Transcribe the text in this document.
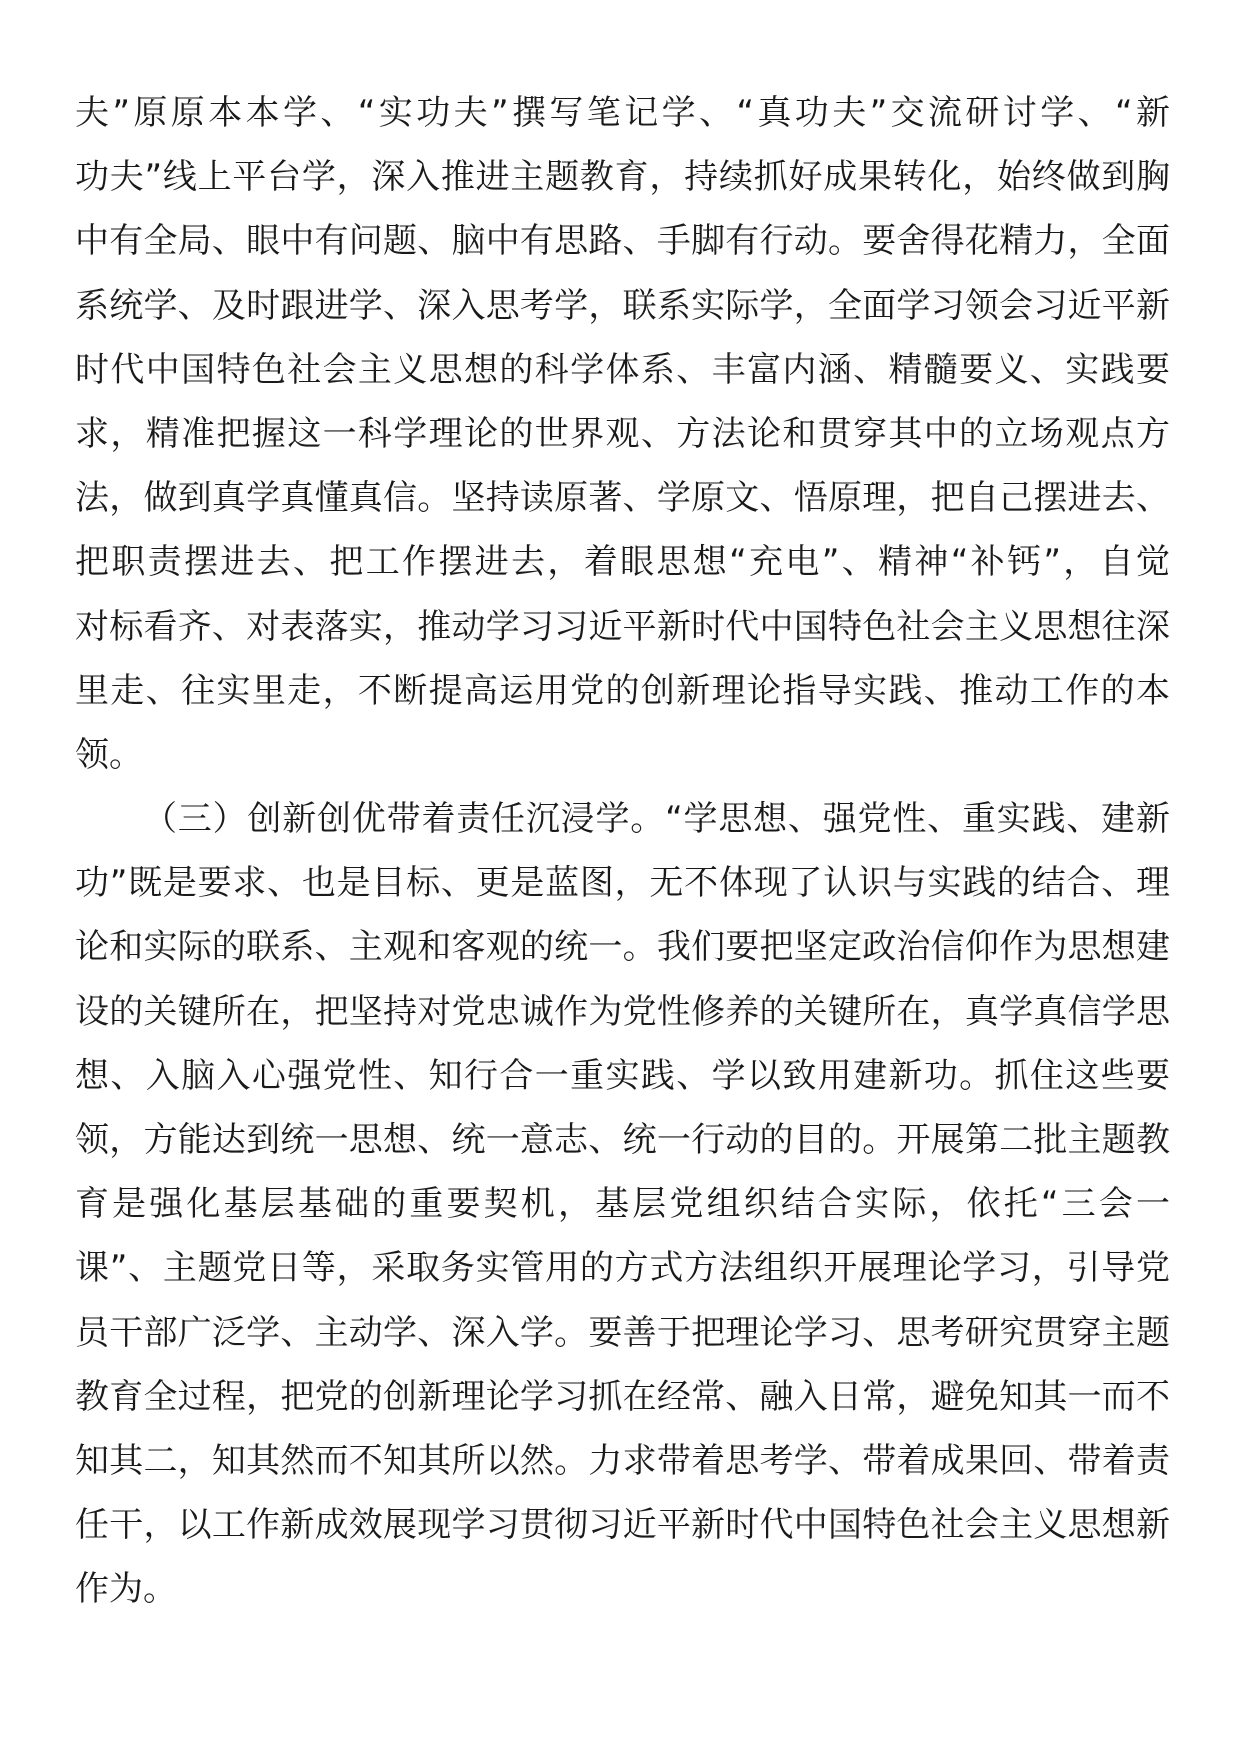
夫”原原本本学、“实功夫”撰写笔记学、“真功夫”交流研讨学、“新
功夫”线上平台学，深入推进主题教育，持续抓好成果转化，始终做到胸
中有全局、眼中有问题、脑中有思路、手脚有行动。要舍得花精力，全面
系统学、及时跟进学、深入思考学，联系实际学，全面学习领会习近平新
时代中国特色社会主义思想的科学体系、丰富内涵、精髓要义、实践要
求，精准把握这一科学理论的世界观、方法论和贯穿其中的立场观点方
法，做到真学真懂真信。坚持读原著、学原文、悟原理，把自己摆进去、
把职责摆进去、把工作摆进去，着眼思想“充电”、精神“补钙”，自觉
对标看齐、对表落实，推动学习习近平新时代中国特色社会主义思想往深
里走、往实里走，不断提高运用党的创新理论指导实践、推动工作的本
领。
（三）创新创优带着责任沉浸学。“学思想、强党性、重实践、建新
功”既是要求、也是目标、更是蓝图，无不体现了认识与实践的结合、理
论和实际的联系、主观和客观的统一。我们要把坚定政治信仰作为思想建
设的关键所在，把坚持对党忠诚作为党性修养的关键所在，真学真信学思
想、入脑入心强党性、知行合一重实践、学以致用建新功。抓住这些要
领，方能达到统一思想、统一意志、统一行动的目的。开展第二批主题教
育是强化基层基础的重要契机，基层党组织结合实际，依托“三会一
课”、主题党日等，采取务实管用的方式方法组织开展理论学习，引导党
员干部广泛学、主动学、深入学。要善于把理论学习、思考研究贯穿主题
教育全过程，把党的创新理论学习抓在经常、融入日常，避免知其一而不
知其二，知其然而不知其所以然。力求带着思考学、带着成果回、带着责
任干，以工作新成效展现学习贯彻习近平新时代中国特色社会主义思想新
作为。
